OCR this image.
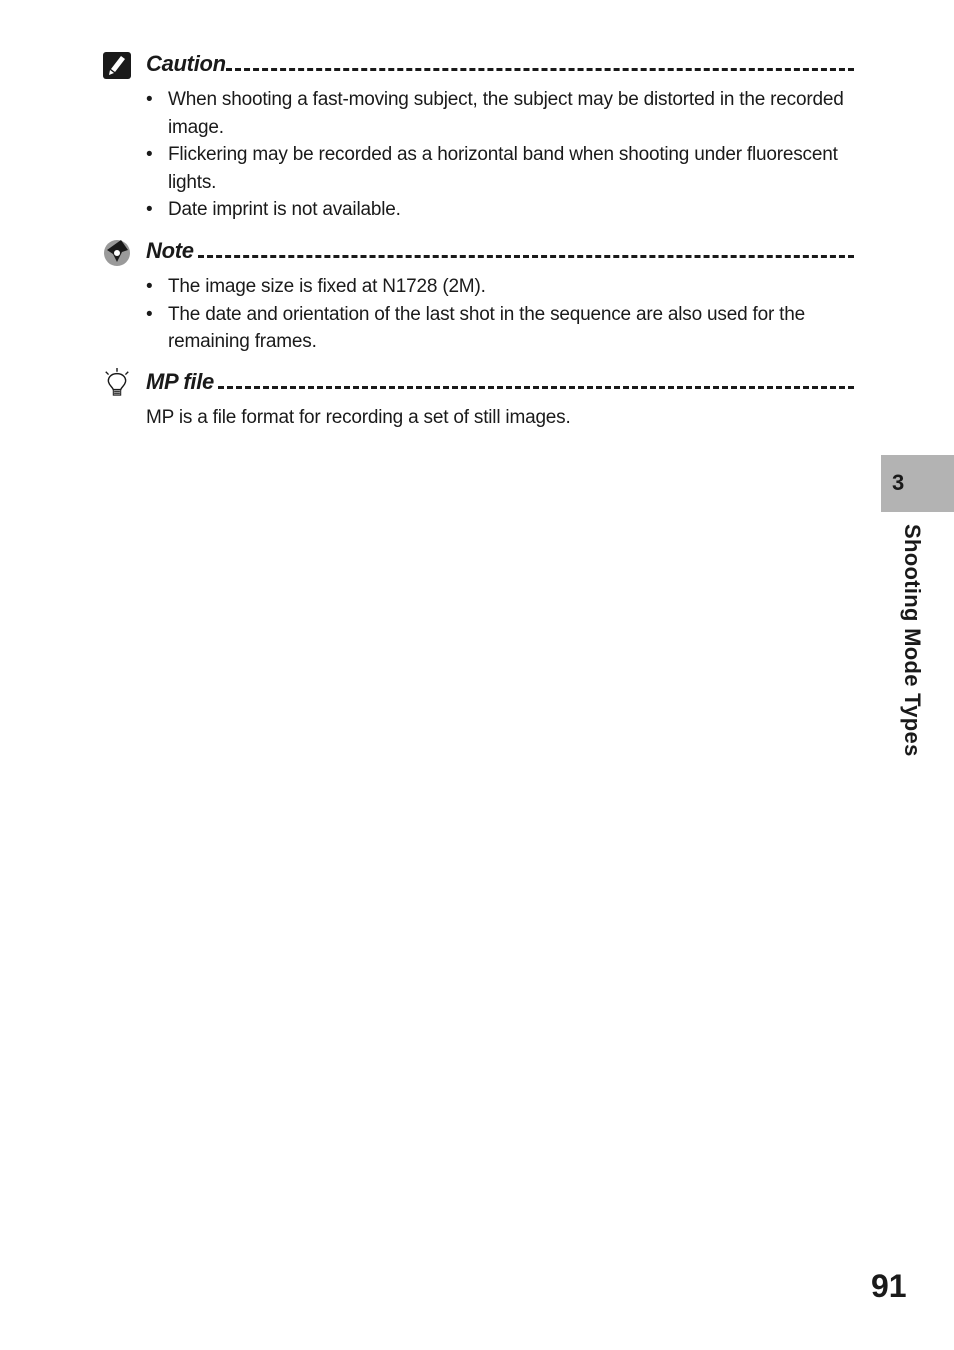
Caution
• When shooting a fast-moving subject, the subject may be distorted in the recorded image.
• Flickering may be recorded as a horizontal band when shooting under fluorescent lights.
• Date imprint is not available.
Note
• The image size is fixed at N1728 (2M).
• The date and orientation of the last shot in the sequence are also used for the remaining frames.
MP file
MP is a file format for recording a set of still images.
3
Shooting Mode Types
91
